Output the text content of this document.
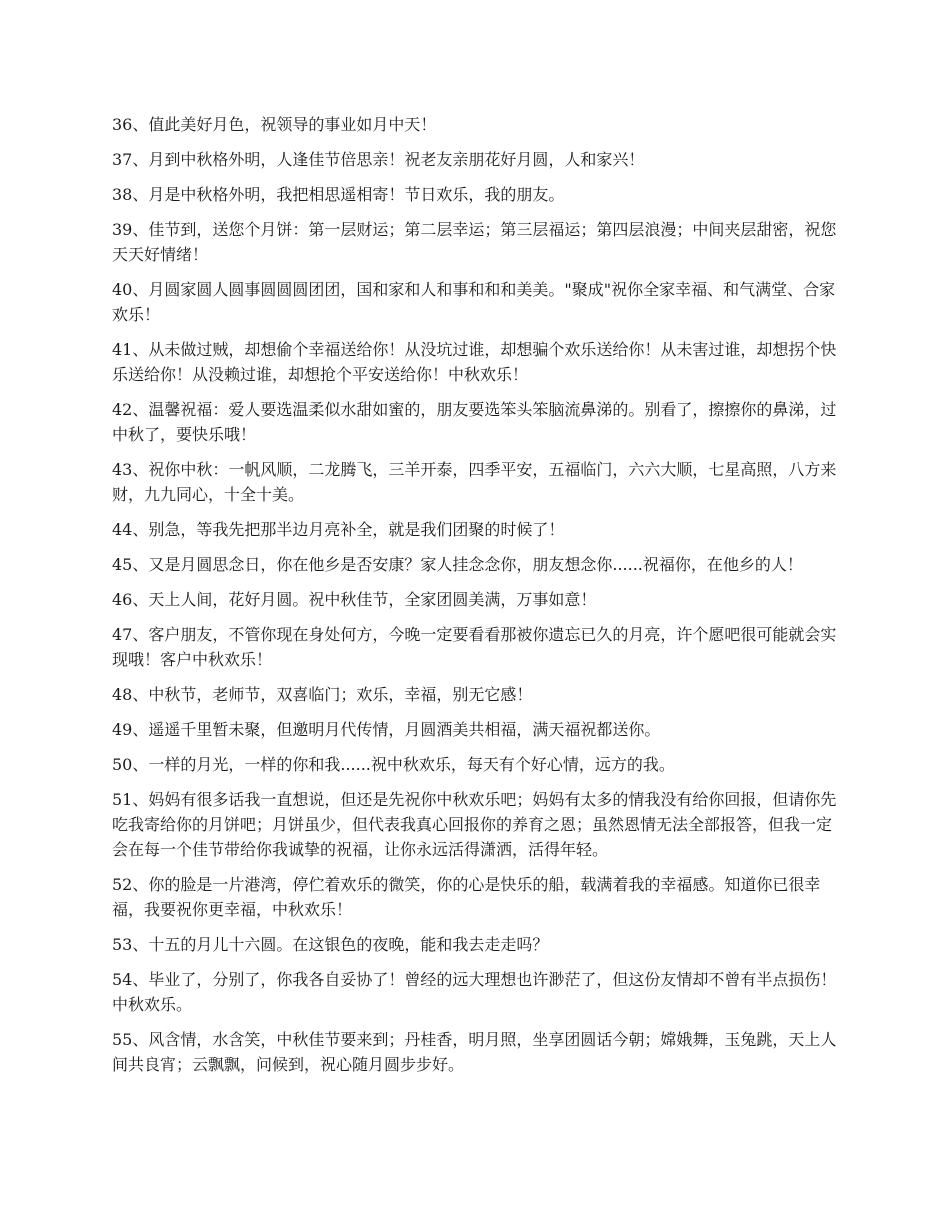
36、值此美好月色，祝领导的事业如月中天！

37、月到中秋格外明，人逢佳节倍思亲！祝老友亲朋花好月圆，人和家兴！

38、月是中秋格外明，我把相思遥相寄！节日欢乐，我的朋友。

39、佳节到，送您个月饼：第一层财运；第二层幸运；第三层福运；第四层浪漫；中间夹层甜密，祝您天天好情绪！

40、月圆家圆人圆事圆圆圆团团，国和家和人和事和和和美美。"聚成"祝你全家幸福、和气满堂、合家欢乐！

41、从未做过贼，却想偷个幸福送给你！从没坑过谁，却想骗个欢乐送给你！从未害过谁，却想拐个快乐送给你！从没赖过谁，却想抢个平安送给你！中秋欢乐！

42、温馨祝福：爱人要选温柔似水甜如蜜的，朋友要选笨头笨脑流鼻涕的。别看了，擦擦你的鼻涕，过中秋了，要快乐哦！

43、祝你中秋：一帆风顺，二龙腾飞，三羊开泰，四季平安，五福临门，六六大顺，七星高照，八方来财，九九同心，十全十美。

44、别急，等我先把那半边月亮补全，就是我们团聚的时候了！

45、又是月圆思念日，你在他乡是否安康？家人挂念念你，朋友想念你......祝福你，在他乡的人！

46、天上人间，花好月圆。祝中秋佳节，全家团圆美满，万事如意！

47、客户朋友，不管你现在身处何方，今晚一定要看看那被你遗忘已久的月亮，许个愿吧很可能就会实现哦！客户中秋欢乐！

48、中秋节，老师节，双喜临门；欢乐，幸福，别无它感！

49、遥遥千里暂未聚，但邀明月代传情，月圆酒美共相福，满天福祝都送你。

50、一样的月光，一样的你和我......祝中秋欢乐，每天有个好心情，远方的我。

51、妈妈有很多话我一直想说，但还是先祝你中秋欢乐吧；妈妈有太多的情我没有给你回报，但请你先吃我寄给你的月饼吧；月饼虽少，但代表我真心回报你的养育之恩；虽然恩情无法全部报答，但我一定会在每一个佳节带给你我诚挚的祝福，让你永远活得潇洒，活得年轻。

52、你的脸是一片港湾，停伫着欢乐的微笑，你的心是快乐的船，载满着我的幸福感。知道你已很幸福，我要祝你更幸福，中秋欢乐！

53、十五的月儿十六圆。在这银色的夜晚，能和我去走走吗？

54、毕业了，分别了，你我各自妥协了！曾经的远大理想也许渺茫了，但这份友情却不曾有半点损伤！中秋欢乐。

55、风含情，水含笑，中秋佳节要来到；丹桂香，明月照，坐享团圆话今朝；嫦娥舞，玉兔跳，天上人间共良宵；云飘飘，问候到，祝心随月圆步步好。
